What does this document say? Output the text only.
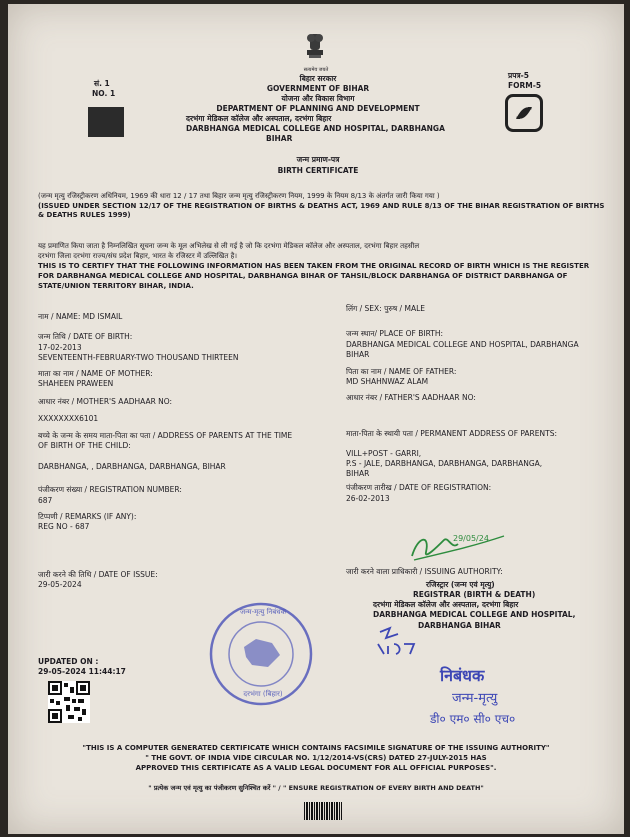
सत्यमेव जयते
सं. 1
NO. 1
प्रपत्र-5
FORM-5
बिहार सरकार
GOVERNMENT OF BIHAR
योजना और विकास विभाग
DEPARTMENT OF PLANNING AND DEVELOPMENT
दरभंगा मेडिकल कॉलेज और अस्पताल, दरभंगा बिहार
DARBHANGA MEDICAL COLLEGE AND HOSPITAL, DARBHANGA
BIHAR
जन्म प्रमाण-पत्र
BIRTH CERTIFICATE
(जन्म मृत्यु रजिस्ट्रीकरण अधिनियम, 1969 की धारा 12 / 17 तथा बिहार जन्म मृत्यु रजिस्ट्रीकरण नियम, 1999 के नियम 8/13 के अंतर्गत जारी किया गया )
(ISSUED UNDER SECTION 12/17 OF THE REGISTRATION OF BIRTHS & DEATHS ACT, 1969 AND RULE 8/13 OF THE BIHAR REGISTRATION OF BIRTHS
& DEATHS RULES 1999)
यह प्रमाणित किया जाता है निम्नलिखित सूचना जन्म के मूल अभिलेख से ली गई है जो कि दरभंगा मेडिकल कॉलेज और अस्पताल, दरभंगा बिहार तहसील
दरभंगा जिला दरभंगा राज्य/संघ प्रदेश बिहार, भारत के रजिस्टर में उल्लिखित है।
THIS IS TO CERTIFY THAT THE FOLLOWING INFORMATION HAS BEEN TAKEN FROM THE ORIGINAL RECORD OF BIRTH WHICH IS THE REGISTER
FOR DARBHANGA MEDICAL COLLEGE AND HOSPITAL, DARBHANGA BIHAR OF TAHSIL/BLOCK DARBHANGA OF DISTRICT DARBHANGA OF
STATE/UNION TERRITORY BIHAR, INDIA.
नाम / NAME: MD ISMAIL
जन्म तिथि / DATE OF BIRTH:
17-02-2013
SEVENTEENTH-FEBRUARY-TWO THOUSAND THIRTEEN
माता का नाम / NAME OF MOTHER:
SHAHEEN PRAWEEN
आधार नंबर / MOTHER'S AADHAAR NO:
XXXXXXXX6101
बच्चे के जन्म के समय माता-पिता का पता / ADDRESS OF PARENTS AT THE TIME
OF BIRTH OF THE CHILD:
DARBHANGA, , DARBHANGA, DARBHANGA, BIHAR
पंजीकरण संख्या / REGISTRATION NUMBER:
687
टिप्पणी / REMARKS (IF ANY):
REG NO - 687
जारी करने की तिथि / DATE OF ISSUE:
29-05-2024
लिंग / SEX: पुरुष / MALE
जन्म स्थान/ PLACE OF BIRTH:
DARBHANGA MEDICAL COLLEGE AND HOSPITAL, DARBHANGA
BIHAR
पिता का नाम / NAME OF FATHER:
MD SHAHNWAZ ALAM
आधार नंबर / FATHER'S AADHAAR NO:
माता-पिता के स्थायी पता / PERMANENT ADDRESS OF PARENTS:
VILL+POST - GARRI,
P.S - JALE, DARBHANGA, DARBHANGA, DARBHANGA,
BIHAR
पंजीकरण तारीख / DATE OF REGISTRATION:
26-02-2013
29/05/24
जारी करने वाला प्राधिकारी / ISSUING AUTHORITY:
रजिस्ट्रार (जन्म एवं मृत्यु)
REGISTRAR (BIRTH & DEATH)
दरभंगा मेडिकल कॉलेज और अस्पताल, दरभंगा बिहार
DARBHANGA MEDICAL COLLEGE AND HOSPITAL,
DARBHANGA BIHAR
जन्म-मृत्यु निबंधक
दरभंगा (बिहार)
निबंधक
जन्म-मृत्यु
डी० एम० सी० एच०
UPDATED ON :
29-05-2024 11:44:17
"THIS IS A COMPUTER GENERATED CERTIFICATE WHICH CONTAINS FACSIMILE SIGNATURE OF THE ISSUING AUTHORITY"
" THE GOVT. OF INDIA VIDE CIRCULAR NO. 1/12/2014-VS(CRS) DATED 27-JULY-2015 HAS
APPROVED THIS CERTIFICATE AS A VALID LEGAL DOCUMENT FOR ALL OFFICIAL PURPOSES".
" प्रत्येक जन्म एवं मृत्यु का पंजीकरण सुनिश्चित करें " / " ENSURE REGISTRATION OF EVERY BIRTH AND DEATH"
